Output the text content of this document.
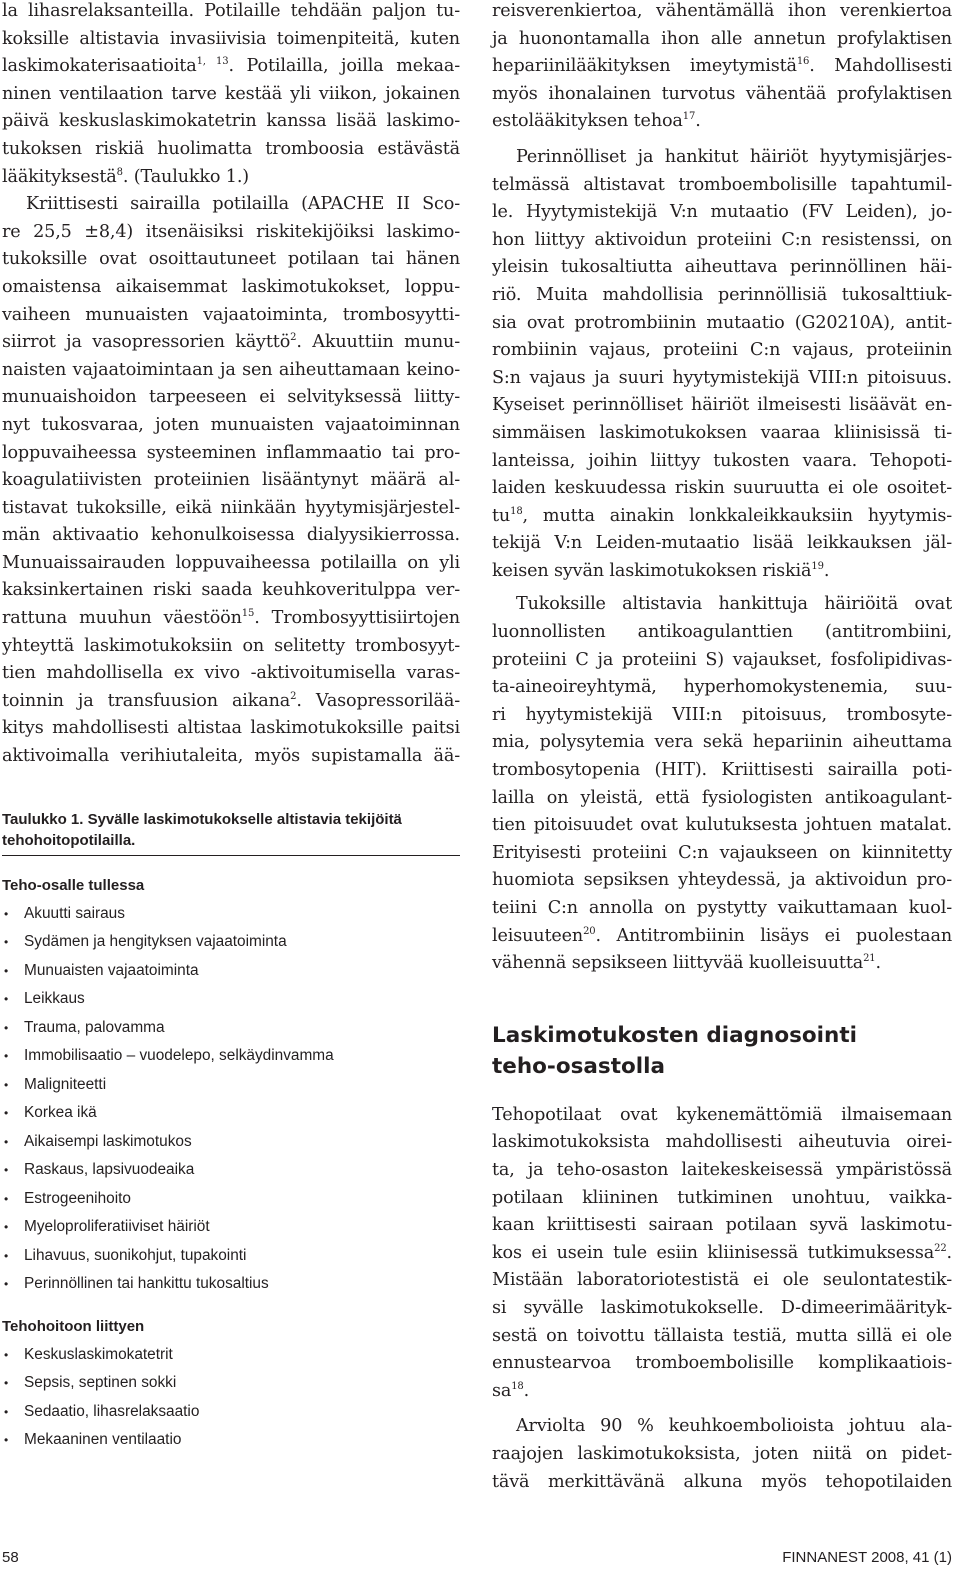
la lihasrelaksanteilla. Potilaille tehdään paljon tu-
koksille altistavia invasiivisia toimenpiteitä, kuten
laskimokaterisaatioita$^{1, 13}$. Potilailla, joilla mekaa-
ninen ventilaation tarve kestää yli viikon, jokainen
päivä keskuslaskimokatetrin kanssa lisää laskimo-
tukoksen riskiä huolimatta tromboosia estävästä
lääkityksestä$^8$. (Taulukko 1.)

Kriittisesti sairailla potilailla (APACHE II Sco-
re 25,5 ±8,4) itsenäisiksi riskitekijöiksi laskimo-
tukoksille ovat osoittautuneet potilaan tai hänen
omaistensa aikaisemmat laskimotukokset, loppu-
vaiheen munuaisten vajaatoiminta, trombosyytti-
siirrot ja vasopressorien käyttö$^2$. Akuuttiin munu-
naisten vajaatoimintaan ja sen aiheuttamaan keino-
munuaishoidon tarpeeseen ei selvityksessä liitty-
nyt tukosvaraa, joten munuaisten vajaatoiminnan
loppuvaiheessa systeeminen inflammaatio tai pro-
koagulatiivisten proteiinien lisääntynyt määrä al-
tistavat tukoksille, eikä niinkään hyytymisjärjestel-
män aktivaatio kehonulkoisessa dialyysikierrossa.
Munuaissairauden loppuvaiheessa potilailla on yli
kaksinkertainen riski saada keuhkoveritulppa ver-
rattuna muuhun väestöön$^{15}$. Trombosyyttisiirtojen
yhteyttä laskimotukoksiin on selitetty trombosyyt-
tien mahdollisella ex vivo -aktivoitumisella varas-
toinnin ja transfuusion aikana$^2$. Vasopressorilää-
kitys mahdollisesti altistaa laskimotukoksille paitsi
aktivoimalla verihiutaleita, myös supistamalla ää-

Taulukko 1. Syvälle laskimotukokselle altistavia tekijöitä
tehohoitopotilailla.

Teho-osalle tullessa

• Akuutti sairaus
• Sydämen ja hengityksen vajaatoiminta
• Munuaisten vajaatoiminta
• Leikkaus
• Trauma, palovamma
• Immobilisaatio – vuodelepo, selkäydinvamma
• Maligniteetti
• Korkea ikä
• Aikaisempi laskimotukos
• Raskaus, lapsivuodeaika
• Estrogeenihoito
• Myeloproliferatiiviset häiriöt
• Lihavuus, suonikohjut, tupakointi
• Perinnöllinen tai hankittu tukosaltius

Tehohoitoon liittyen

• Keskuslaskimokatetrit
• Sepsis, septinen sokki
• Sedaatio, lihasrelaksaatio
• Mekaaninen ventilaatio

reisverenkiertoa, vähentämällä ihon verenkiertoa
ja huonontamalla ihon alle annetun profylaktisen
hepariinilääkityksen imeytymistä$^{16}$. Mahdollisesti
myös ihonalainen turvotus vähentää profylaktisen
estolääkityksen tehoa$^{17}$.

Perinnölliset ja hankitut häiriöt hyytymisjärjes-
telmässä altistavat tromboembolisille tapahtumil-
le. Hyytymistekijä V:n mutaatio (FV Leiden), jo-
hon liittyy aktivoidun proteiini C:n resistenssi, on
yleisin tukosaltiutta aiheuttava perinnöllinen häi-
riö. Muita mahdollisia perinnöllisiä tukosalttiuk-
sia ovat protrombiinin mutaatio (G20210A), antit-
rombiinin vajaus, proteiini C:n vajaus, proteiinin
S:n vajaus ja suuri hyytymistekijä VIII:n pitoisuus.
Kyseiset perinnölliset häiriöt ilmeisesti lisäävät en-
simmäisen laskimotukoksen vaaraa kliinisissä ti-
lanteissa, joihin liittyy tukosten vaara. Tehopoti-
laiden keskuudessa riskin suuruutta ei ole osoitet-
$tu^{18}$, mutta ainakin lonkkaleikkauksiin hyytymis-
tekijä V:n Leiden-mutaatio lisää leikkauksen jäl-
keisen syvän laskimotukoksen riskiä$^{19}$.

Tukoksille altistavia hankittuja häiriöitä ovat
luonnollisten antikoagulanttien (antitrombiini,
proteiini C ja proteiini S) vajaukset, fosfolipidivas-
ta-aineoireyhtymä, hyperhomokystenemia, suu-
ri hyytymistekijä VIII:n pitoisuus, trombosyte-
mia, polysytemia vera sekä hepariinin aiheuttama
trombosytopenia (HIT). Kriittisesti sairailla poti-
lailla on yleistä, että fysiologisten antikoagulant-
tien pitoisuudet ovat kulutuksesta johtuen matalat.
Erityisesti proteiini C:n vajaukseen on kiinnitetty
huomiota sepsiksen yhteydessä, ja aktivoidun pro-
teiini C:n annolla on pystytty vaikuttamaan kuol-
leisuuteen$^{20}$. Antitrombiinin lisäys ei puolestaan
vähennä sepsikseen liittyvää kuolleisuutta$^{21}$.

Laskimotukosten diagnosointi
teho-osastolla

Tehopotilaat ovat kykenemättömiä ilmaisemaan
laskimotukoksista mahdollisesti aiheutuvia oirei-
ta, ja teho-osaston laitekeskeisessä ympäristössä
potilaan kliininen tutkiminen unohtuu, vaikka-
kaan kriittisesti sairaan potilaan syvä laskimotu-
kos ei usein tule esiin kliinisessä tutkimuksessa$^{22}$.
Mistään laboratoriotestistä ei ole seulontatestik-
si syvälle laskimotukokselle. D-dimeerimäärityk-
sestä on toivottu tällaista testiä, mutta sillä ei ole
ennustearvoa tromboembolisille komplikaatiois-
$sa^{18}$.

Arviolta 90 % keuhkoembolioista johtuu ala-
raajojen laskimotukoksista, joten niitä on pidet-
tävä merkittävänä alkuna myös tehopotilaiden

58	FINNANEST 2008, 41 (1)
